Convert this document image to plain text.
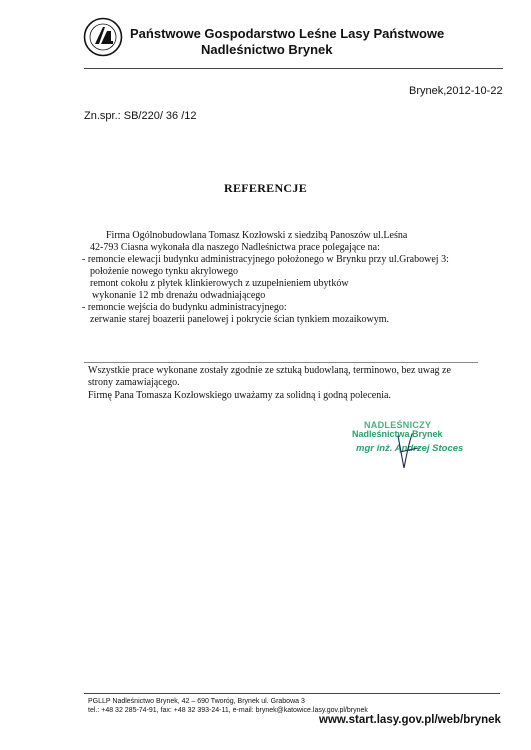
Państwowe Gospodarstwo Leśne Lasy Państwowe
Nadleśnictwo Brynek
Brynek,2012-10-22
Zn.spr.: SB/220/ 36 /12
REFERENCJE
Firma Ogólnobudowlana Tomasz Kozłowski z siedzibą Panoszów ul.Leśna
42-793 Ciasna wykonała dla naszego Nadleśnictwa prace polegające na:
- remoncie elewacji budynku administracyjnego położonego w Brynku przy ul.Grabowej 3:
położenie nowego tynku akrylowego
remont cokołu z płytek klinkierowych z uzupełnieniem ubytków
wykonanie 12 mb drenażu odwadniającego
- remoncie wejścia do budynku administracyjnego:
zerwanie starej boazerii panelowej i pokrycie ścian tynkiem mozaikowym.
Wszystkie prace wykonane zostały zgodnie ze sztuką budowlaną, terminowo, bez uwag ze
strony zamawiającego.
Firmę Pana Tomasza Kozłowskiego uważamy za solidną i godną polecenia.
NADLEŚNICZY
Nadleśnictwa Brynek
mgr inż. Andrzej Stoces
PGLLP Nadleśnictwo Brynek, 42 – 690 Tworóg, Brynek ul. Grabowa 3
tel.: +48 32 285-74-91, fax: +48 32 393-24-11, e-mail: brynek@katowice.lasy.gov.pl/brynek
www.start.lasy.gov.pl/web/brynek
